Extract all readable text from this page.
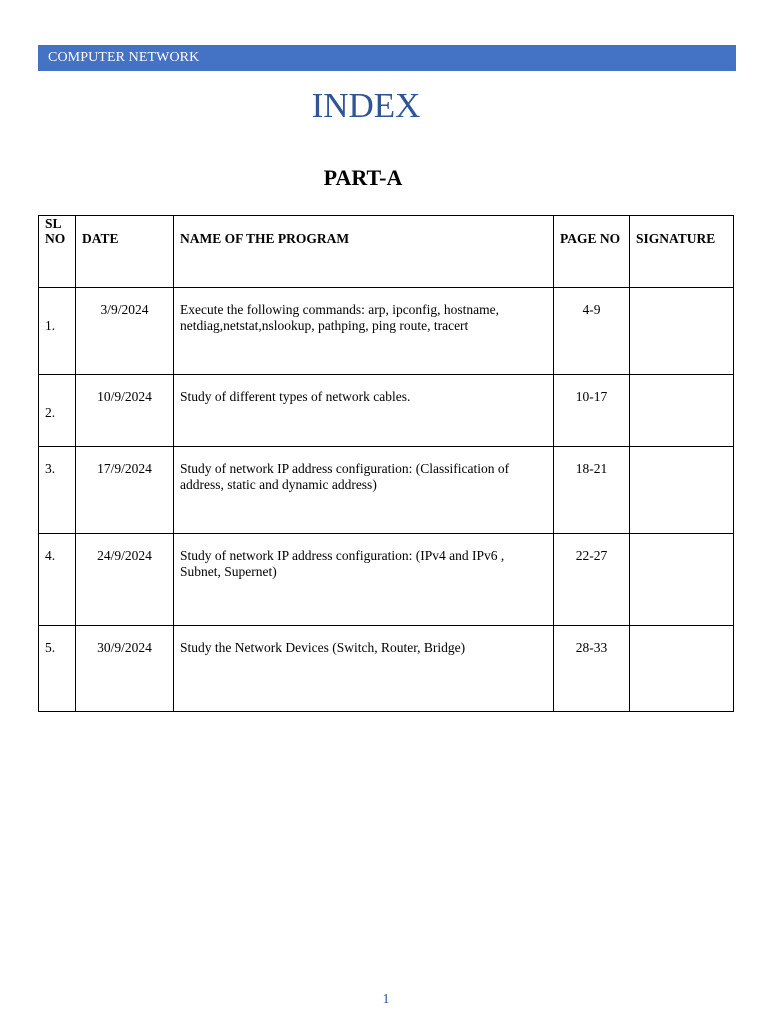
COMPUTER NETWORK
INDEX
PART-A
SL NO	DATE	NAME OF THE PROGRAM	PAGE NO	SIGNATURE

1.	3/9/2024	Execute the following commands: arp, ipconfig, hostname, netdiag,netstat,nslookup, pathping, ping route, tracert	4-9	

2.	10/9/2024	Study of different types of network cables.	10-17	

3.	17/9/2024	Study of network IP address configuration: (Classification of address, static and dynamic address)	18-21	

4.	24/9/2024	Study of network IP address configuration: (IPv4 and IPv6 , Subnet, Supernet)	22-27	

5.	30/9/2024	Study the Network Devices (Switch, Router, Bridge)	28-33	
1
